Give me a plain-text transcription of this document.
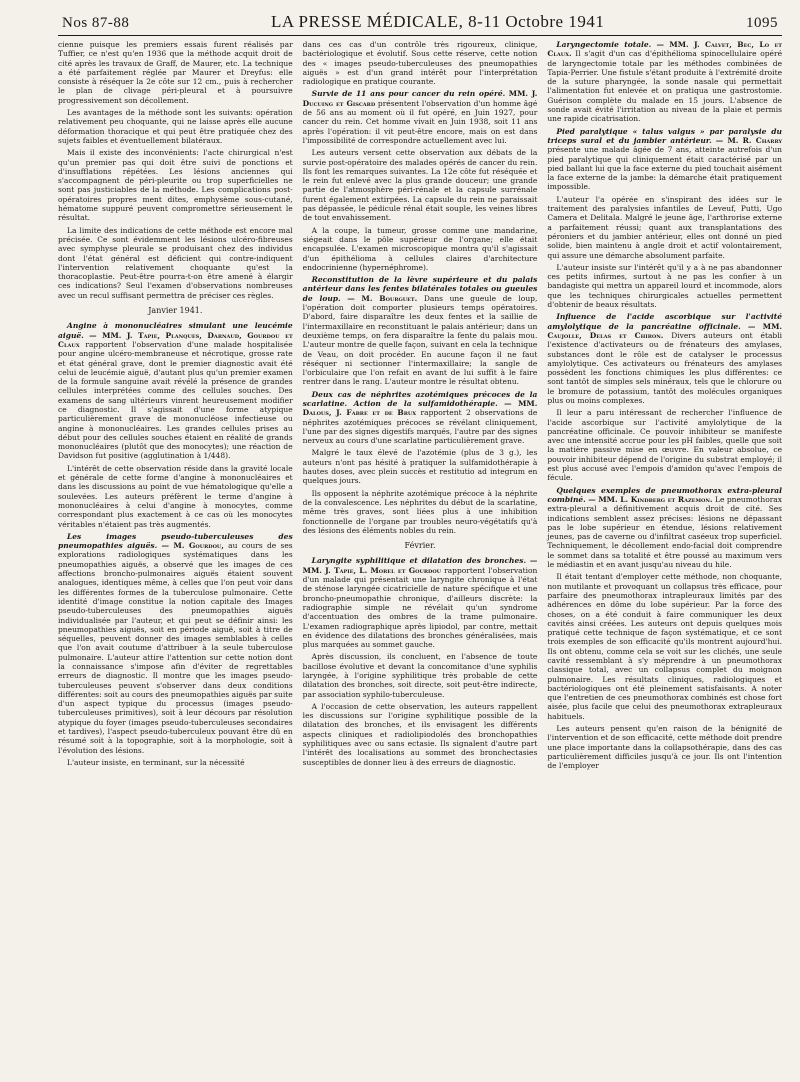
Nos 87-88	LA PRESSE MÉDICALE, 8-11 Octobre 1941	1095

cienne puisque les premiers essais furent réalisés par Tuffier, ce n'est qu'en 1936 que la méthode acquit droit de cité après les travaux de Graff, de Maurer, etc. La technique a été parfaitement réglée par Maurer et Dreyfus: elle consiste à réséquer la 2e côte sur 12 cm., puis à rechercher le plan de clivage péri-pleural et à poursuivre progressivement son décollement.

Les avantages de la méthode sont les suivants: opération relativement peu choquante, qui ne laisse après elle aucune déformation thoracique et qui peut être pratiquée chez des sujets faibles et éventuellement bilatéraux.

Mais il existe des inconvénients: l'acte chirurgical n'est qu'un premier pas qui doit être suivi de ponctions et d'insufflations répétées. Les lésions anciennes qui s'accompagnent de péri-pleurite ou trop superficielles ne sont pas justiciables de la méthode. Les complications post-opératoires propres ment dites, emphysème sous-cutané, hématome suppuré peuvent compromettre sérieusement le résultat.

La limite des indications de cette méthode est encore mal précisée. Ce sont évidemment les lésions ulcéro-fibreuses avec symphyse pleurale se produisant chez des individus dont l'état général est déficient qui contre-indiquent l'intervention relativement choquante qu'est la thoracoplastie. Peut-être pourra-t-on être amené à élargir ces indications? Seul l'examen d'observations nombreuses avec un recul suffisant permettra de préciser ces règles.

Janvier 1941.

Angine à mononucléaires simulant une leucémie aiguë. — MM. J. Tapie, Planques, Darnaud, Gourdou et Claux rapportent l'observation d'une malade hospitalisée pour angine ulcéro-membraneuse et nécrotique, grosse rate et état général grave, dont le premier diagnostic avait été celui de leucémie aiguë, d'autant plus qu'un premier examen de la formule sanguine avait révélé la présence de grandes cellules interprétées comme des cellules souches. Des examens de sang ultérieurs vinrent heureusement modifier ce diagnostic. Il s'agissait d'une forme atypique particulièrement grave de mononucléose infectieuse ou angine à mononucléaires. Les grandes cellules prises au début pour des cellules souches étaient en réalité de grands mononucléaires (plutôt que des monocytes); une réaction de Davidson fut positive (agglutination à 1/448).

L'intérêt de cette observation réside dans la gravité locale et générale de cette forme d'angine à mononucléaires et dans les discussions au point de vue hématologique qu'elle a soulevées. Les auteurs préfèrent le terme d'angine à mononucléaires à celui d'angine à monocytes, comme correspondant plus exactement à ce cas où les monocytes véritables n'étaient pas très augmentés.

Les images pseudo-tuberculeuses des pneumopathies aiguës. — M. Gourdou, au cours de ses explorations radiologiques systématiques dans les pneumopathies aiguës, a observé que les images de ces affections broncho-pulmonaires aiguës étaient souvent analogues, identiques même, à celles que l'on peut voir dans les différentes formes de la tuberculose pulmonaire. Cette identité d'image constitue la notion capitale des Images pseudo-tuberculeuses des pneumopathies aiguës individualisée par l'auteur, et qui peut se définir ainsi: les pneumopathies aiguës, soit en période aiguë, soit à titre de séquelles, peuvent donner des images semblables à celles que l'on avait coutume d'attribuer à la seule tuberculose pulmonaire. L'auteur attire l'attention sur cette notion dont la connaissance s'impose afin d'éviter de regrettables erreurs de diagnostic. Il montre que les images pseudo-tuberculeuses peuvent s'observer dans deux conditions différentes: soit au cours des pneumopathies aiguës par suite d'un aspect typique du processus (images pseudo-tuberculeuses primitives), soit à leur décours par résolution atypique du foyer (images pseudo-tuberculeuses secondaires et tardives), l'aspect pseudo-tuberculeux pouvant être dû en résumé soit à la topographie, soit à la morphologie, soit à l'évolution des lésions.

L'auteur insiste, en terminant, sur la nécessité

dans ces cas d'un contrôle très rigoureux, clinique, bactériologique et évolutif. Sous cette réserve, cette notion des « images pseudo-tuberculeuses des pneumopathies aiguës » est d'un grand intérêt pour l'interprétation radiologique en pratique courante.

Survie de 11 ans pour cancer du rein opéré. MM. J. Ducuing et Giscard présentent l'observation d'un homme âgé de 56 ans au moment où il fut opéré, en Juin 1927, pour cancer du rein. Cet homme vivait en Juin 1938, soit 11 ans après l'opération: il vit peut-être encore, mais on est dans l'impossibilité de correspondre actuellement avec lui.

Les auteurs versent cette observation aux débats de la survie post-opératoire des malades opérés de cancer du rein. Ils font les remarques suivantes. La 12e côte fut réséquée et le rein fut enlevé avec la plus grande douceur; une grande partie de l'atmosphère péri-rénale et la capsule surrénale furent également extirpées. La capsule du rein ne paraissait pas dépassée, le pédicule rénal était souple, les veines libres de tout envahissement.

A la coupe, la tumeur, grosse comme une mandarine, siégeait dans le pôle supérieur de l'organe; elle était encapsulée. L'examen microscopique montra qu'il s'agissait d'un épithélioma à cellules claires d'architecture endocrinienne (hypernéphrome).

Reconstitution de la lèvre supérieure et du palais antérieur dans les fentes bilatérales totales ou gueules de loup. — M. Bourguet. Dans une gueule de loup, l'opération doit comporter plusieurs temps opératoires. D'abord, faire disparaître les deux fentes et la saillie de l'intermaxillaire en reconstituant le palais antérieur; dans un deuxième temps, on fera disparaître la fente du palais mou. L'auteur montre de quelle façon, suivant en cela la technique de Veau, on doit procéder. En aucune façon il ne faut réséquer ni sectionner l'intermaxillaire; la sangle de l'orbiculaire que l'on refait en avant de lui suffit à le faire rentrer dans le rang. L'auteur montre le résultat obtenu.

Deux cas de néphrites azotémiques précoces de la scarlatine. Action de la sulfamidothérapie. — MM. Dalous, J. Fabre et de Brux rapportent 2 observations de néphrites azotémiques précoces se révélant cliniquement, l'une par des signes digestifs marqués, l'autre par des signes nerveux au cours d'une scarlatine particulièrement grave.

Malgré le taux élevé de l'azotémie (plus de 3 g.), les auteurs n'ont pas hésité à pratiquer la sulfamidothérapie à hautes doses, avec plein succès et restitutio ad integrum en quelques jours.

Ils opposent la néphrite azotémique précoce à la néphrite de la convalescence. Les néphrites du début de la scarlatine, même très graves, sont liées plus à une inhibition fonctionnelle de l'organe par troubles neuro-végétatifs qu'à des lésions des éléments nobles du rein.

Février.

Laryngite syphilitique et dilatation des bronches. — MM. J. Tapie, L. Morel et Gourdou rapportent l'observation d'un malade qui présentait une laryngite chronique à l'état de sténose laryngée cicatricielle de nature spécifique et une broncho-pneumopathie chronique, d'ailleurs discrète: la radiographie simple ne révélait qu'un syndrome d'accentuation des ombres de la trame pulmonaire. L'examen radiographique après lipiodol, par contre, mettait en évidence des dilatations des bronches généralisées, mais plus marquées au sommet gauche.

Après discussion, ils concluent, en l'absence de toute bacillose évolutive et devant la concomitance d'une syphilis laryngée, à l'origine syphilitique très probable de cette dilatation des bronches, soit directe, soit peut-être indirecte, par association syphilo-tuberculeuse.

A l'occasion de cette observation, les auteurs rappellent les discussions sur l'origine syphilitique possible de la dilatation des bronches, et ils envisagent les différents aspects cliniques et radiolipiodolés des bronchopathies syphilitiques avec ou sans ectasie. Ils signalent d'autre part l'intérêt des localisations au sommet des bronchectasies susceptibles de donner lieu à des erreurs de diagnostic.

Laryngectomie totale. — MM. J. Calvet, Bec, Lo et Claux. Il s'agit d'un cas d'épithélioma spinocellulaire opéré de laryngectomie totale par les méthodes combinées de Tapia-Perrier. Une fistule s'étant produite à l'extrémité droite de la suture pharyngée, la sonde nasale qui permettait l'alimentation fut enlevée et on pratiqua une gastrostomie. Guérison complète du malade en 15 jours. L'absence de sonde avait évité l'irritation au niveau de la plaie et permis une rapide cicatrisation.

Pied paralytique « talus valgus » par paralysie du triceps sural et du jambier antérieur. — M. R. Charry présente une malade âgée de 7 ans, atteinte autrefois d'un pied paralytique qui cliniquement était caractérisé par un pied ballant lui que la face externe du pied touchait aisément la face externe de la jambe: la démarche était pratiquement impossible.

L'auteur l'a opérée en s'inspirant des idées sur le traitement des paralysies infantiles de Leveuf, Putti, Ugo Camera et Delitala. Malgré le jeune âge, l'arthrorise externe a parfaitement réussi; quant aux transplantations des péroniers et du jambier antérieur, elles ont donné un pied solide, bien maintenu à angle droit et actif volontairement, qui assure une démarche absolument parfaite.

L'auteur insiste sur l'intérêt qu'il y a à ne pas abandonner ces petits infirmes, surtout à ne pas les confier à un bandagiste qui mettra un appareil lourd et incommode, alors que les techniques chirurgicales actuelles permettent d'obtenir de beaux résultats.

Influence de l'acide ascorbique sur l'activité amylolytique de la pancréatine officinale. — MM. Caujolle, Delas et Chiron. Divers auteurs ont établi l'existence d'activateurs ou de frénateurs des amylases, substances dont le rôle est de catalyser le processus amylolytique. Ces activateurs ou frénateurs des amylases possèdent les fonctions chimiques les plus différentes: ce sont tantôt de simples sels minéraux, tels que le chlorure ou le bromure de potassium, tantôt des molécules organiques plus ou moins complexes.

Il leur a paru intéressant de rechercher l'influence de l'acide ascorbique sur l'activité amylolytique de la pancréatine officinale. Ce pouvoir inhibiteur se manifeste avec une intensité accrue pour les pH faibles, quelle que soit la matière passive mise en œuvre. En valeur absolue, ce pouvoir inhibiteur dépend de l'origine du substrat employé; il est plus accusé avec l'empois d'amidon qu'avec l'empois de fécule.

Quelques exemples de pneumothorax extra-pleural combiné. — MM. L. Kindberg et Razemon. Le pneumothorax extra-pleural a définitivement acquis droit de cité. Ses indications semblent assez précises: lésions ne dépassant pas le lobe supérieur en étendue, lésions relativement jeunes, pas de caverne ou d'infiltrat caséeux trop superficiel. Techniquement, le décollement endo-facial doit comprendre le sommet dans sa totalité et être poussé au maximum vers le médiastin et en avant jusqu'au niveau du hile.

Il était tentant d'employer cette méthode, non choquante, non mutilante et provoquant un collapsus très efficace, pour parfaire des pneumothorax intrapleuraux limités par des adhérences en dôme du lobe supérieur. Par la force des choses, on a été conduit à faire communiquer les deux cavités ainsi créées. Les auteurs ont depuis quelques mois pratiqué cette technique de façon systématique, et ce sont trois exemples de son efficacité qu'ils montrent aujourd'hui. Ils ont obtenu, comme cela se voit sur les clichés, une seule cavité ressemblant à s'y méprendre à un pneumothorax classique total, avec un collapsus complet du moignon pulmonaire. Les résultats cliniques, radiologiques et bactériologiques ont été pleinement satisfaisants. A noter que l'entretien de ces pneumothorax combinés est chose fort aisée, plus facile que celui des pneumothorax extrapleuraux habituels.

Les auteurs pensent qu'en raison de la bénignité de l'intervention et de son efficacité, cette méthode doit prendre une place importante dans la collapsothérapie, dans des cas particulièrement difficiles jusqu'à ce jour. Ils ont l'intention de l'employer
